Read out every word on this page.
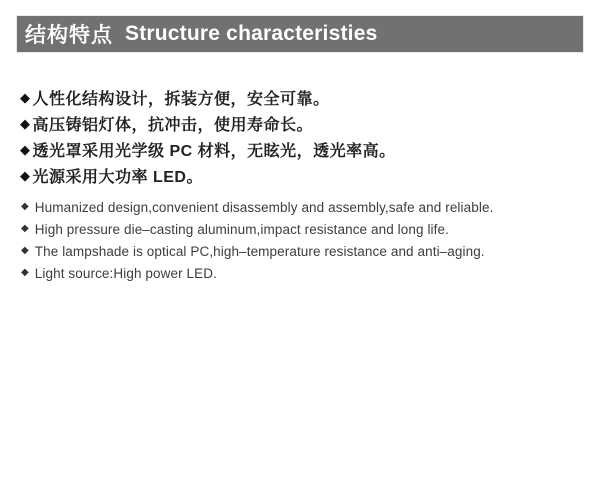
结构特点 Structure characteristies
◆ 人性化结构设计，拆装方便，安全可靠。
◆ 高压铸铝灯体，抗冲击，使用寿命长。
◆ 透光罩采用光学级 PC 材料，无眩光，透光率高。
◆ 光源采用大功率 LED。
◆ Humanized design,convenient disassembly and assembly,safe and reliable.
◆ High pressure die–casting aluminum,impact resistance and long life.
◆ The lampshade is optical PC,high–temperature resistance and anti–aging.
◆ Light source:High power LED.
